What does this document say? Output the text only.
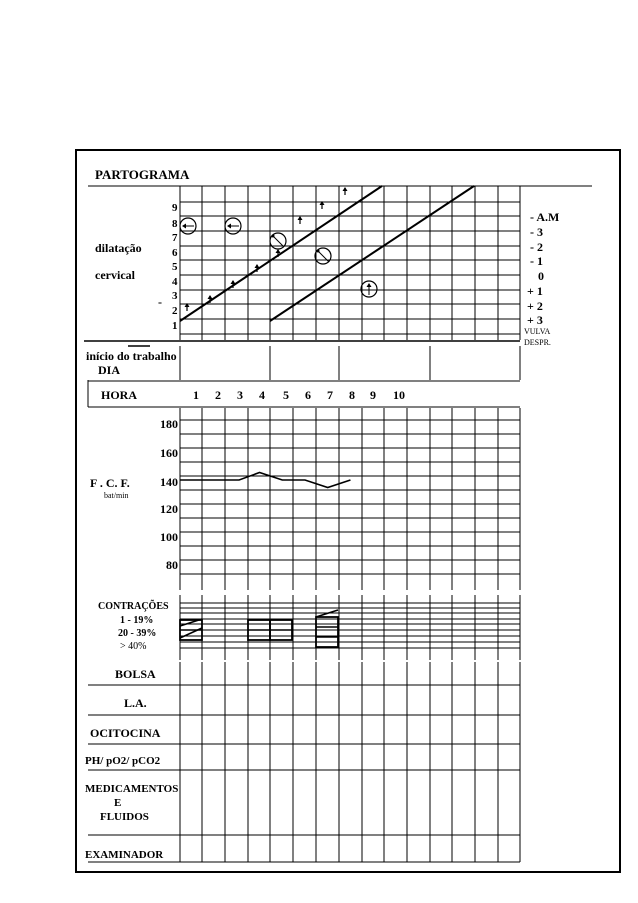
PARTOGRAMA
dilatação
cervical
-
9
8
7
6
5
4
3
2
1
- A.M
- 3
- 2
- 1
0
+ 1
+ 2
+ 3
VULVA
DESPR.
início do trabalho
DIA
HORA	1	2	3	4	5	6	7	8	9	10
F . C. F.
bat/min
180
160
140
120
100
80
CONTRAÇÕES
1 - 19%
20 - 39%
> 40%
BOLSA
L.A.
OCITOCINA
PH/ pO2/ pCO2
MEDICAMENTOS
E
FLUIDOS
EXAMINADOR
